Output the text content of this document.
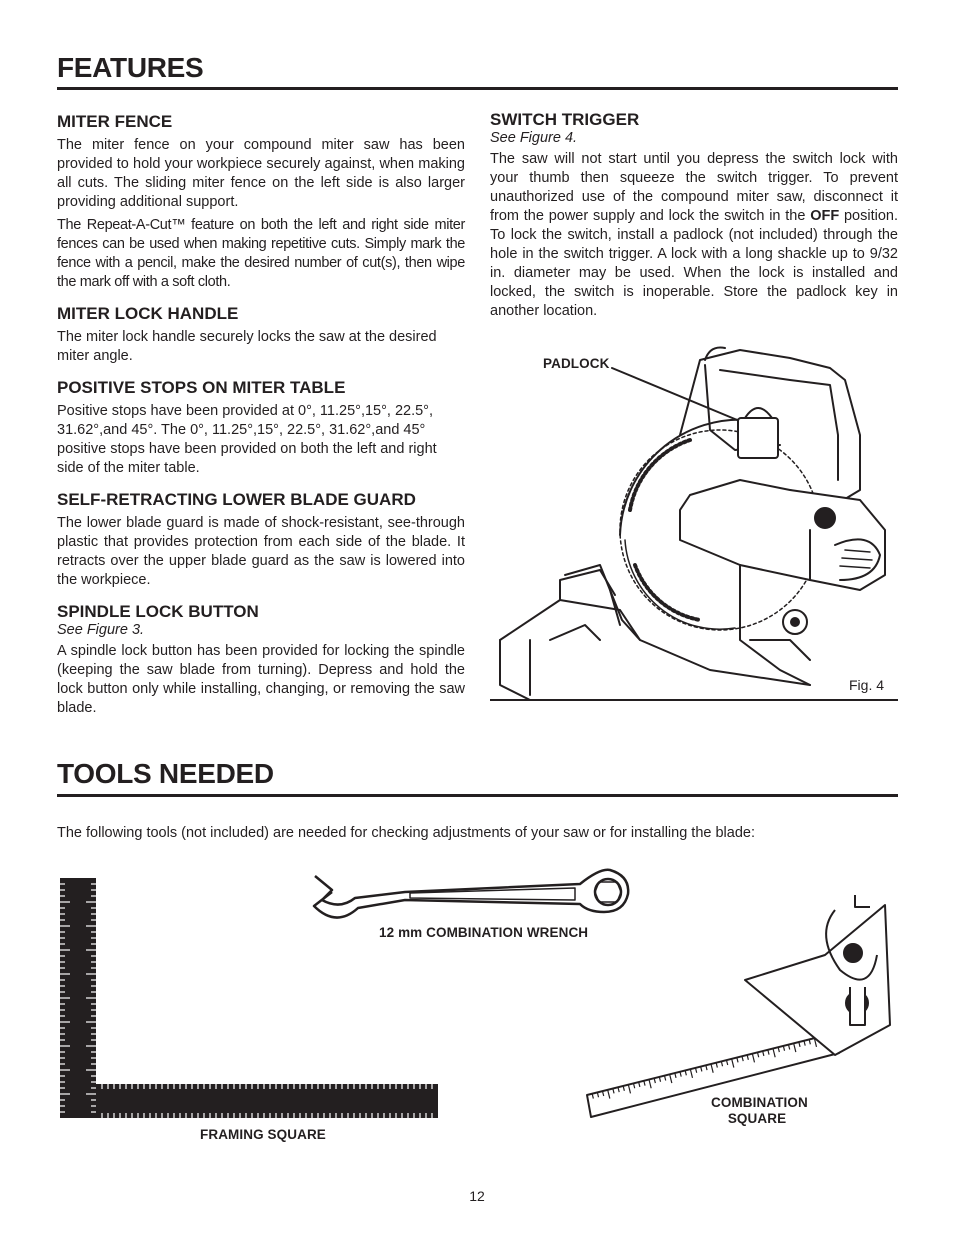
FEATURES
MITER FENCE
The miter fence on your compound miter saw has been provided to hold your workpiece securely against, when making all cuts. The sliding miter fence on the left side is also larger providing additional support.
The Repeat-A-Cut™ feature on both the left and right side miter fences can be used when making repetitive cuts. Simply mark the fence with a pencil, make the desired number of cut(s), then wipe the mark off with a soft cloth.
MITER LOCK HANDLE
The miter lock handle securely locks the saw at the desired miter angle.
POSITIVE STOPS ON MITER TABLE
Positive stops have been provided at 0°, 11.25°,15°, 22.5°, 31.62°,and 45°. The 0°, 11.25°,15°, 22.5°, 31.62°,and 45° positive stops have been provided on both the left and right side of the miter table.
SELF-RETRACTING LOWER BLADE GUARD
The lower blade guard is made of shock-resistant, see-through plastic that provides protection from each side of the blade. It retracts over the upper blade guard as the saw is lowered into the workpiece.
SPINDLE LOCK BUTTON
See Figure 3.
A spindle lock button has been provided for locking the spindle (keeping the saw blade from turning). Depress and hold the lock button only while installing, changing, or removing the saw blade.
SWITCH TRIGGER
See Figure 4.
The saw will not start until you depress the switch lock with your thumb then squeeze the switch trigger. To prevent unauthorized use of the compound miter saw, disconnect it from the power supply and lock the switch in the OFF position. To lock the switch, install a padlock (not included) through the hole in the switch trigger. A lock with a long shackle up to 9/32 in. diameter may be used. When the lock is installed and locked, the switch is inoperable. Store the padlock key in another location.
PADLOCK
Fig. 4
TOOLS NEEDED
The following tools (not included) are needed for checking adjustments of your saw or for installing the blade:
FRAMING SQUARE
12 mm COMBINATION WRENCH
COMBINATION
SQUARE
12
